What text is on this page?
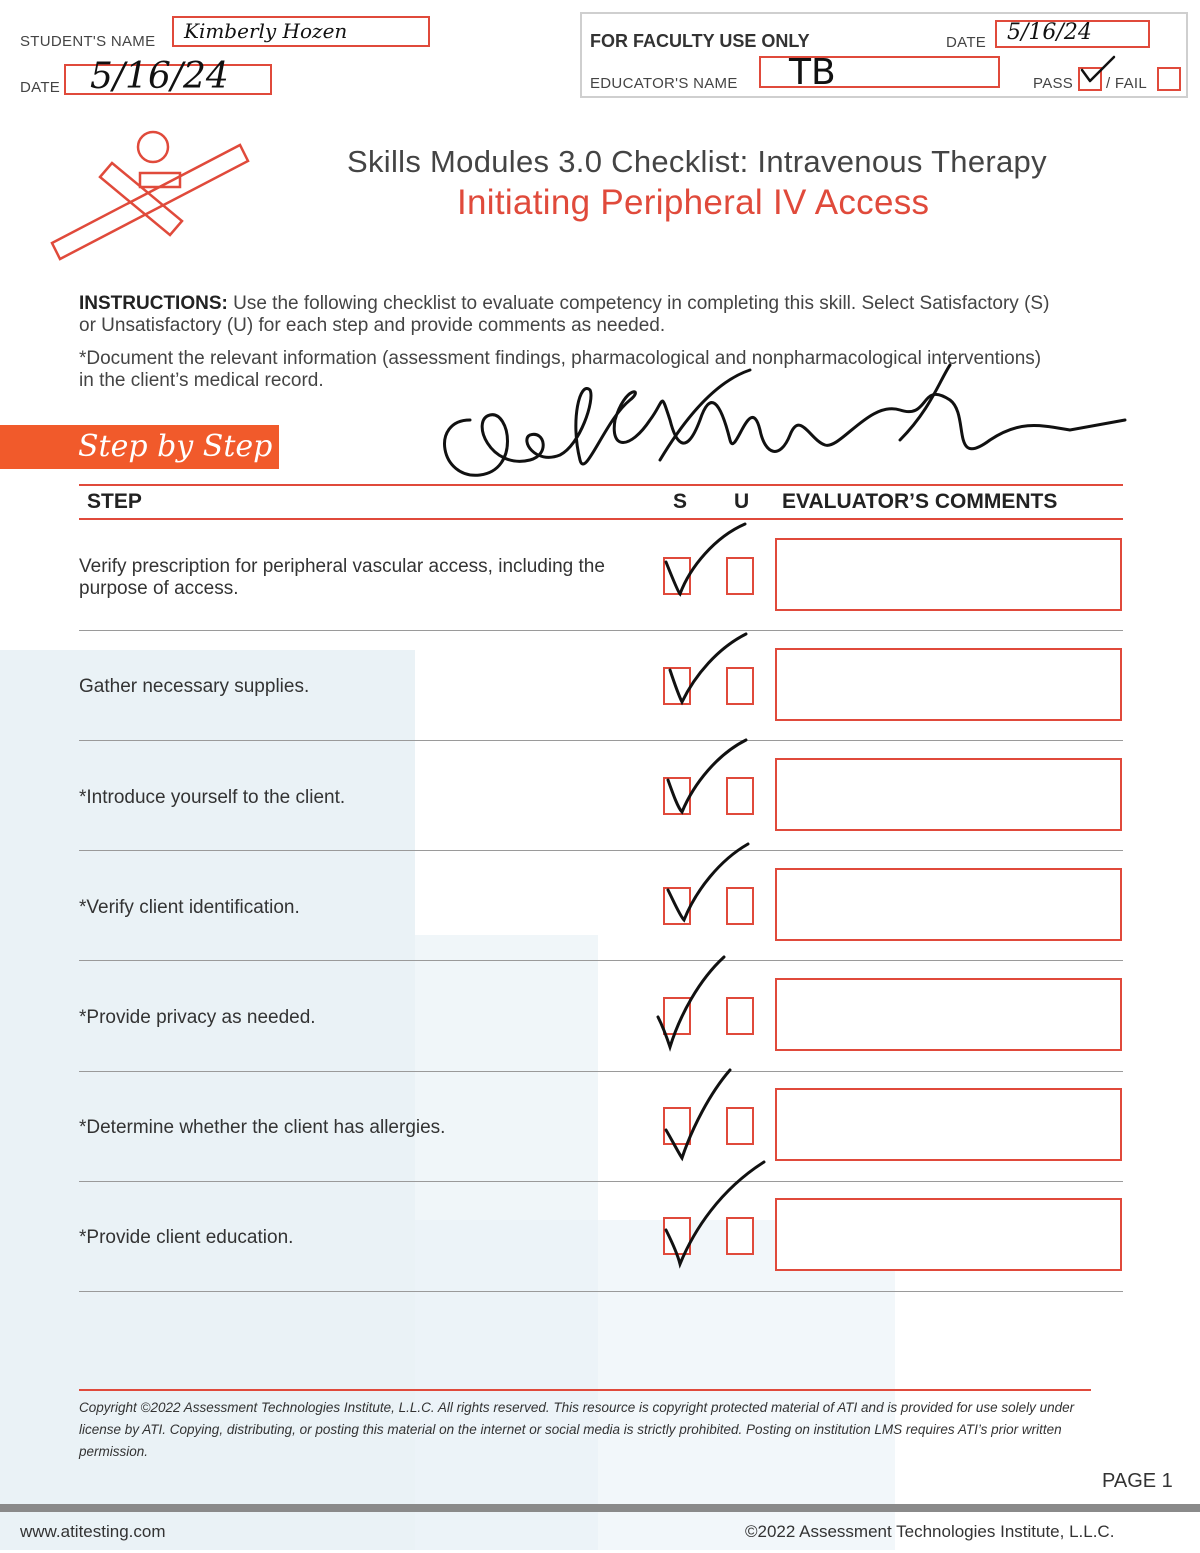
STUDENT'S NAME Kimberly Hozen
DATE 5/16/24
FOR FACULTY USE ONLY	DATE 5/16/24
EDUCATOR'S NAME TB	PASS / FAIL
Skills Modules 3.0 Checklist: Intravenous Therapy
Initiating Peripheral IV Access
INSTRUCTIONS: Use the following checklist to evaluate competency in completing this skill. Select Satisfactory (S) or Unsatisfactory (U) for each step and provide comments as needed.
*Document the relevant information (assessment findings, pharmacological and nonpharmacological interventions) in the client’s medical record.
Step by Step
STEP	S U EVALUATOR’S COMMENTS
Verify prescription for peripheral vascular access, including the purpose of access.
Gather necessary supplies.
*Introduce yourself to the client.
*Verify client identification.
*Provide privacy as needed.
*Determine whether the client has allergies.
*Provide client education.
Copyright ©2022 Assessment Technologies Institute, L.L.C. All rights reserved. This resource is copyright protected material of ATI and is provided for use solely under license by ATI. Copying, distributing, or posting this material on the internet or social media is strictly prohibited. Posting on institution LMS requires ATI’s prior written permission.
PAGE 1
www.atitesting.com	©2022 Assessment Technologies Institute, L.L.C.
